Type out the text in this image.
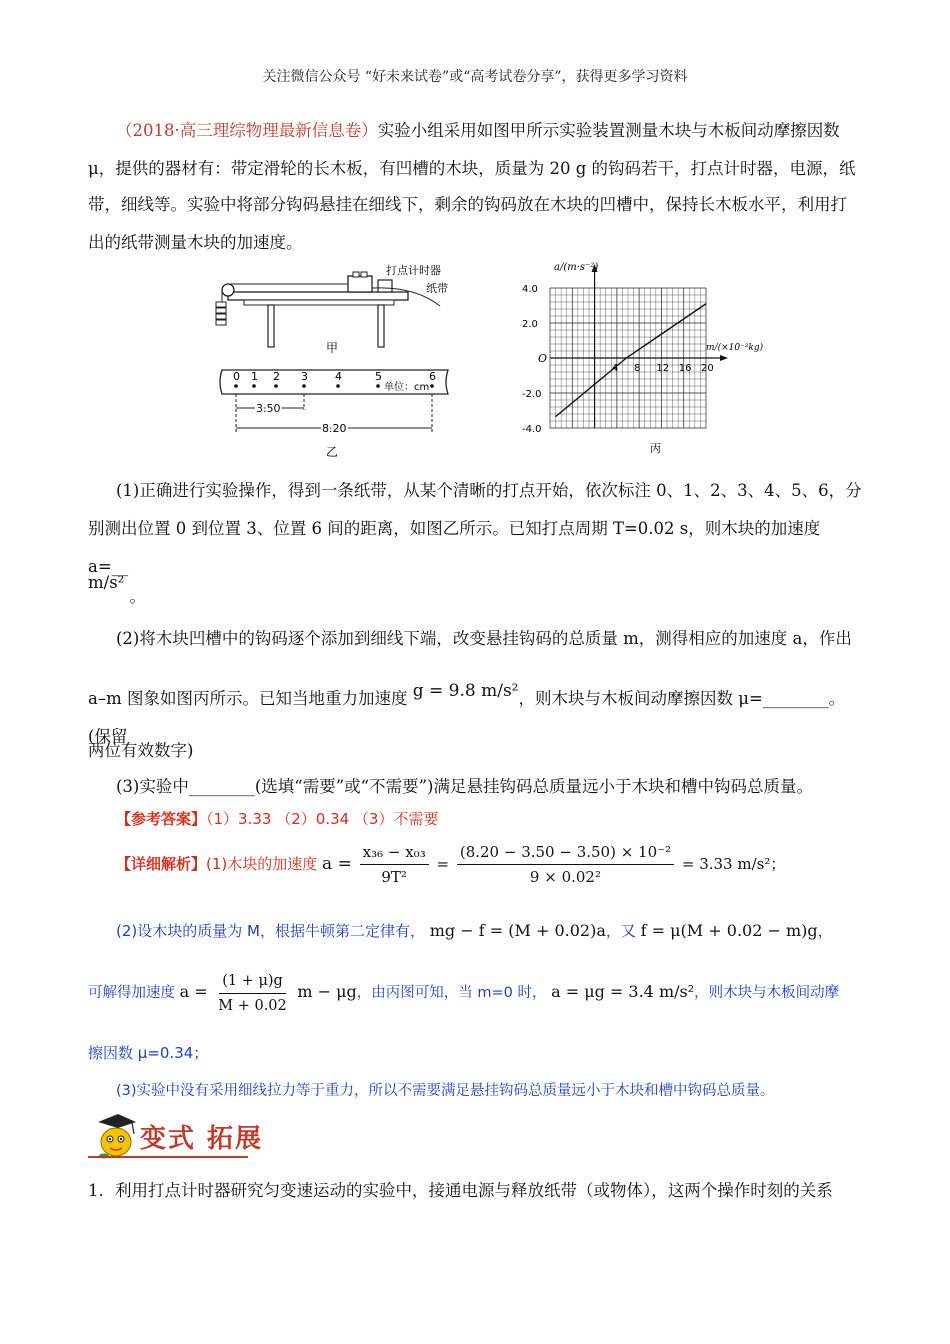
关注微信公众号 “好未来试卷”或“高考试卷分享”，获得更多学习资料
（2018·高三理综物理最新信息卷）实验小组采用如图甲所示实验装置测量木块与木板间动摩擦因数
μ，提供的器材有：带定滑轮的长木板，有凹槽的木块，质量为 20 g 的钩码若干，打点计时器，电源，纸
带，细线等。实验中将部分钩码悬挂在细线下，剩余的钩码放在木块的凹槽中，保持长木板水平，利用打
出的纸带测量木块的加速度。
打点计时器
纸带
甲
0 1 2 3 4	5	6
单位：cm
3.50
8.20
乙
4.0
2.0
-2.0
-4.0
4 8 12 16 20
a/(m·s⁻²)
m/(×10⁻²kg)
O
丙
(1)正确进行实验操作，得到一条纸带，从某个清晰的打点开始，依次标注 0、1、2、3、4、5、6，分
别测出位置 0 到位置 3、位置 6 间的距离，如图乙所示。已知打点周期 T=0.02 s，则木块的加速度 a=__
m/s² 。
(2)将木块凹槽中的钩码逐个添加到细线下端，改变悬挂钩码的总质量 m，测得相应的加速度 a，作出
a–m 图象如图丙所示。已知当地重力加速度 g = 9.8 m/s²，则木块与木板间动摩擦因数 μ=________。(保留
两位有效数字)
(3)实验中________(选填“需要”或“不需要”)满足悬挂钩码总质量远小于木块和槽中钩码总质量。
【参考答案】（1）3.33 （2）0.34 （3）不需要
【详细解析】(1)木块的加速度 $a = \frac{\text{x₃₆ − x₀₃}}{\text{9T²}} = \frac{\text{(8.20 − 3.50 − 3.50) × 10⁻²}}{\text{9 × 0.02²}} = 3.33$ m/s²；
(2)设木块的质量为 M，根据牛顿第二定律有， mg − f = (M + 0.02)a，又 f = μ(M + 0.02 − m)g，
可解得加速度 $a = \frac{(1 + \mu)g}{M + 0.02}$ m − μg，由丙图可知，当 m=0 时， a = μg = 3.4 m/s²，则木块与木板间动摩
擦因数 μ=0.34；
(3)实验中没有采用细线拉力等于重力，所以不需要满足悬挂钩码总质量远小于木块和槽中钩码总质量。
变式 拓展
1．利用打点计时器研究匀变速运动的实验中，接通电源与释放纸带（或物体），这两个操作时刻的关系
